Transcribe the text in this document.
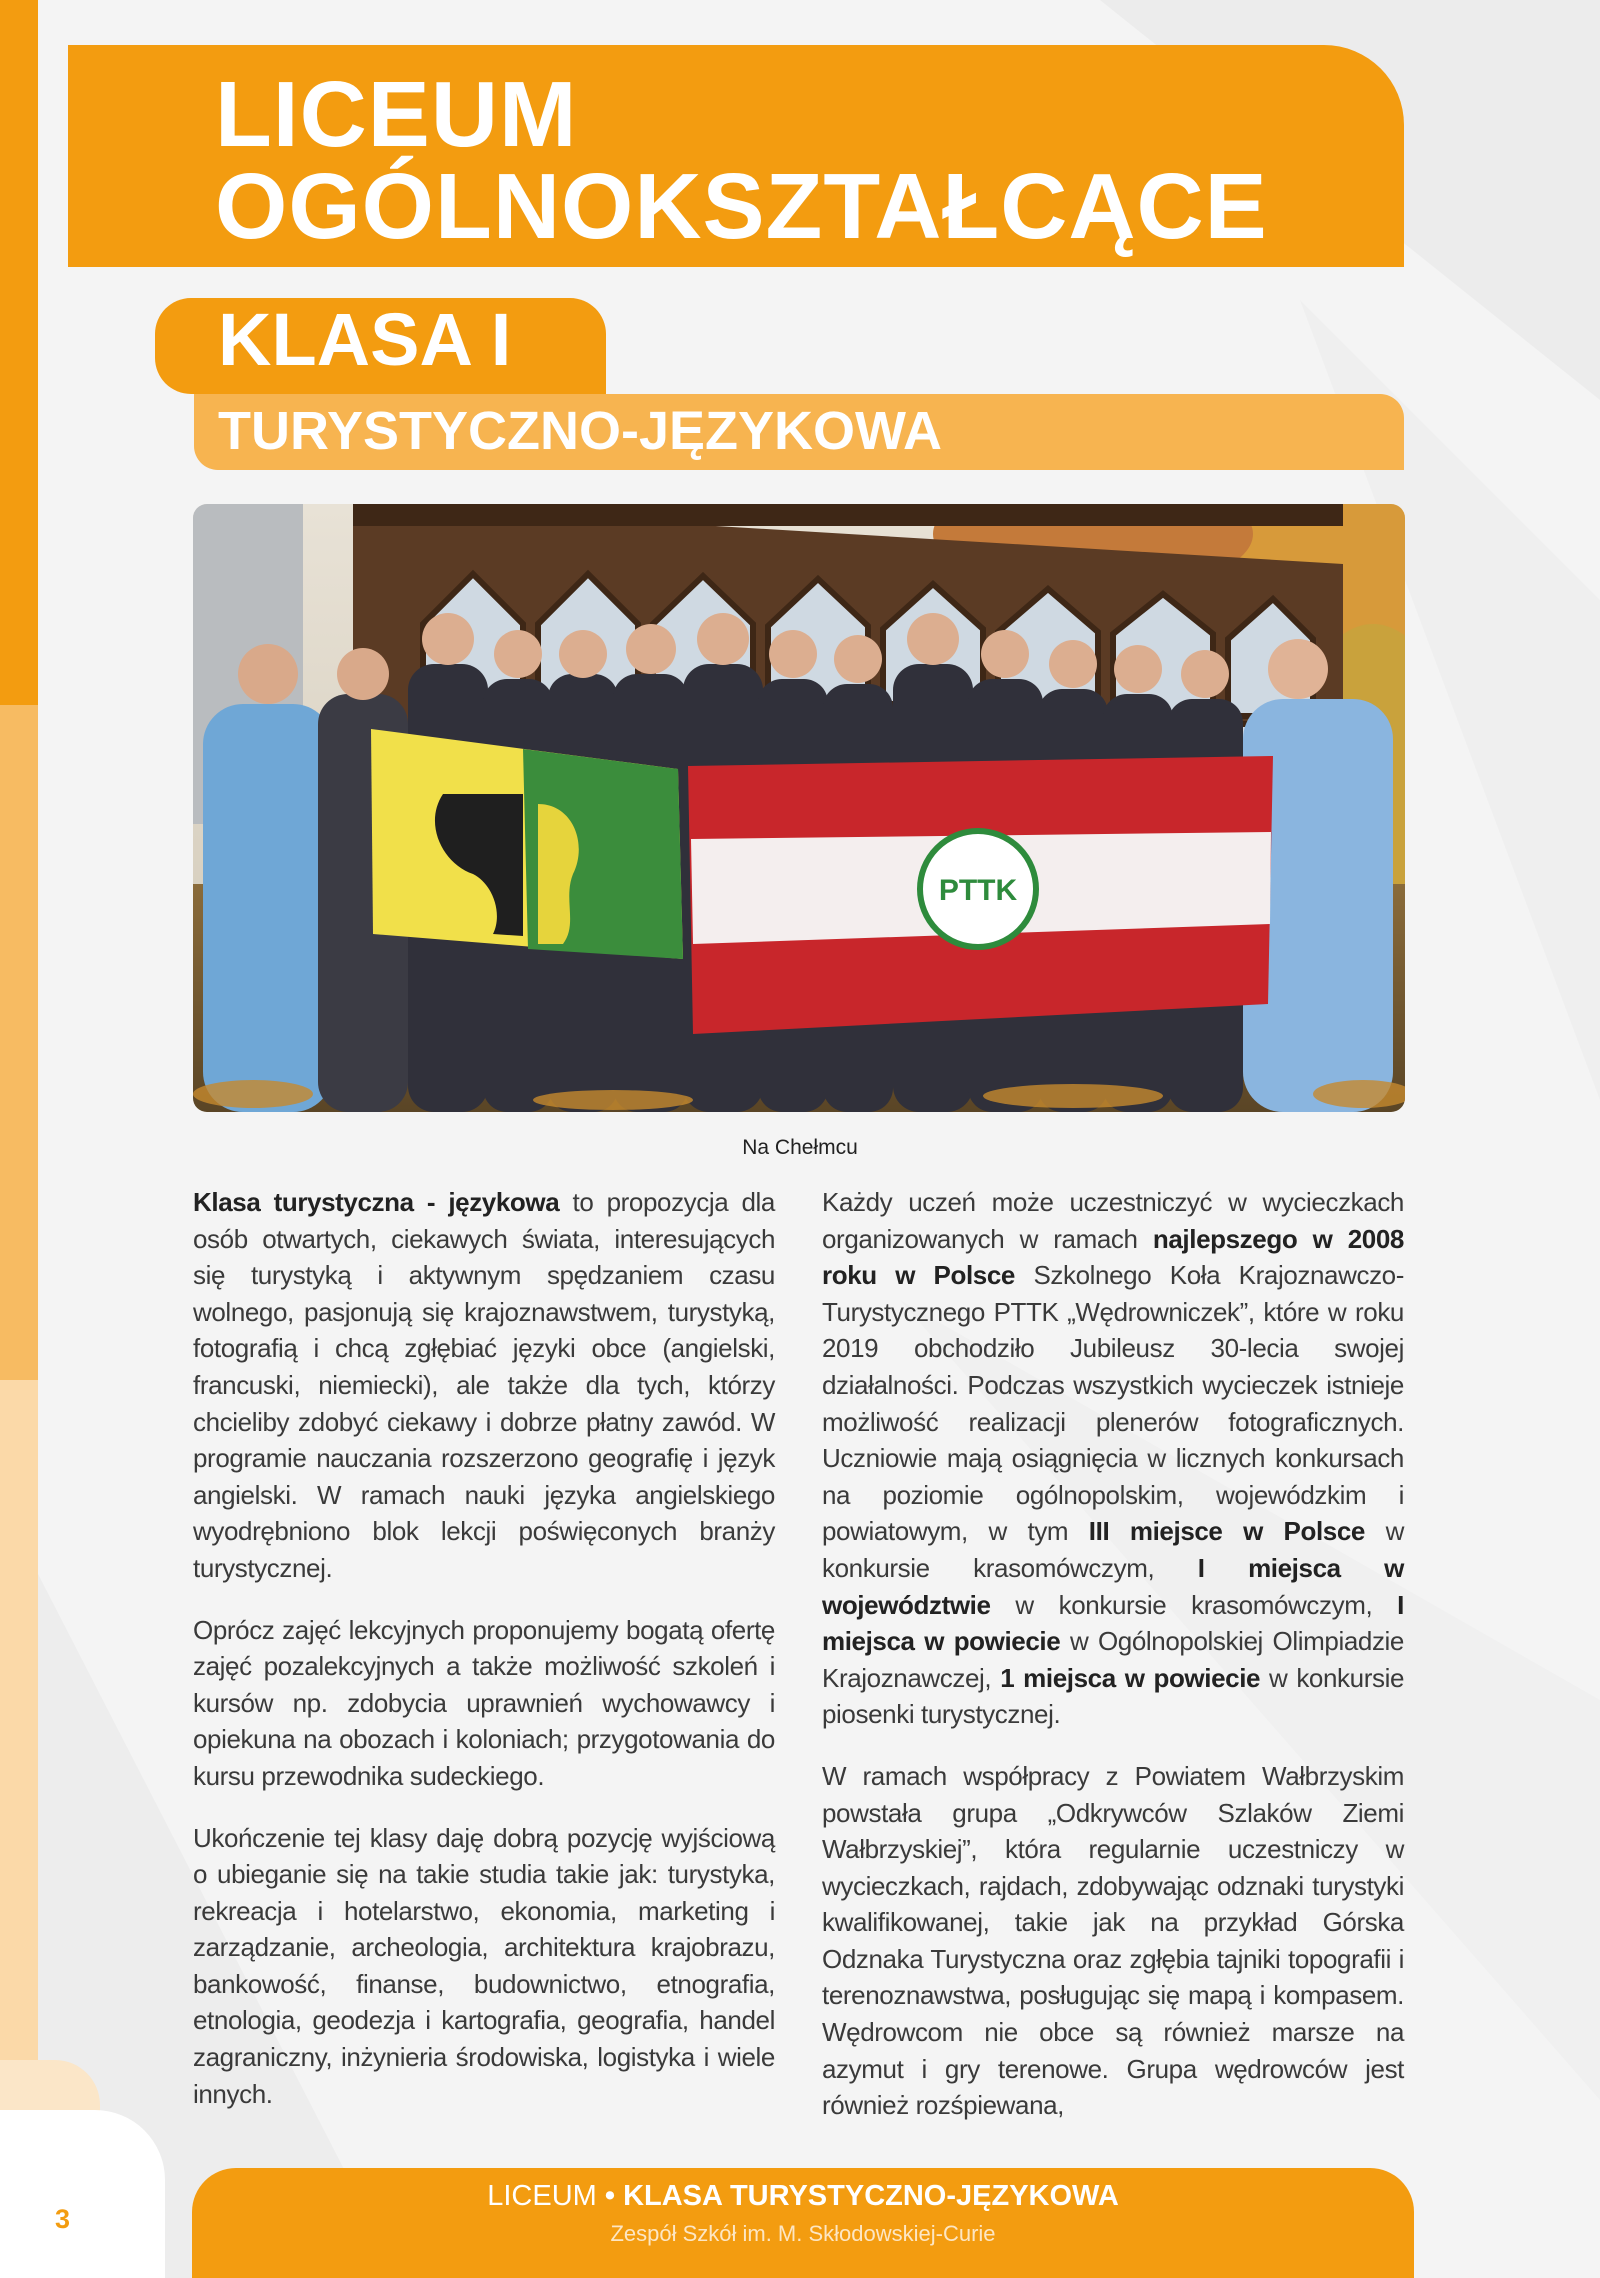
LICEUM
OGÓLNOKSZTAŁCĄCE
KLASA I
TURYSTYCZNO-JĘZYKOWA
PTTK
Na Chełmcu

Klasa turystyczna - językowa to propozycja dla osób otwartych, ciekawych świata, interesujących się turystyką i aktywnym spędzaniem czasu wolnego, pasjonują się krajoznawstwem, turystyką, fotografią i chcą zgłębiać języki obce (angielski, francuski, niemiecki), ale także dla tych, którzy chcieliby zdobyć ciekawy i dobrze płatny zawód. W programie nauczania rozszerzono geografię i język angielski. W ramach nauki języka angielskiego wyodrębniono blok lekcji poświęconych branży turystycznej.

Oprócz zajęć lekcyjnych proponujemy bogatą ofertę zajęć pozalekcyjnych a także możliwość szkoleń i kursów np. zdobycia uprawnień wychowawcy i opiekuna na obozach i koloniach; przygotowania do kursu przewodnika sudeckiego.

Ukończenie tej klasy daję dobrą pozycję wyjściową o ubieganie się na takie studia takie jak: turystyka, rekreacja i hotelarstwo, ekonomia, marketing i zarządzanie, archeologia, architektura krajobrazu, bankowość, finanse, budownictwo, etnografia, etnologia, geodezja i kartografia, geografia, handel zagraniczny, inżynieria środowiska, logistyka i wiele innych.

Każdy uczeń może uczestniczyć w wycieczkach organizowanych w ramach najlepszego w 2008 roku w Polsce Szkolnego Koła Krajoznawczo-Turystycznego PTTK „Wędrowniczek”, które w roku 2019 obchodziło Jubileusz 30-lecia swojej działalności. Podczas wszystkich wycieczek istnieje możliwość realizacji plenerów fotograficznych. Uczniowie mają osiągnięcia w licznych konkursach na poziomie ogólnopolskim, wojewódzkim i powiatowym, w tym III miejsce w Polsce w konkursie krasomówczym, I miejsca w województwie w konkursie krasomówczym, I miejsca w powiecie w Ogólnopolskiej Olimpiadzie Krajoznawczej, 1 miejsca w powiecie w konkursie piosenki turystycznej.

W ramach współpracy z Powiatem Wałbrzyskim powstała grupa „Odkrywców Szlaków Ziemi Wałbrzyskiej”, która regularnie uczestniczy w wycieczkach, rajdach, zdobywając odznaki turystyki kwalifikowanej, takie jak na przykład Górska Odznaka Turystyczna oraz zgłębia tajniki topografii i terenoznawstwa, posługując się mapą i kompasem. Wędrowcom nie obce są również marsze na azymut i gry terenowe. Grupa wędrowców jest również rozśpiewana,

LICEUM • KLASA TURYSTYCZNO-JĘZYKOWA
Zespół Szkół im. M. Skłodowskiej-Curie
3
